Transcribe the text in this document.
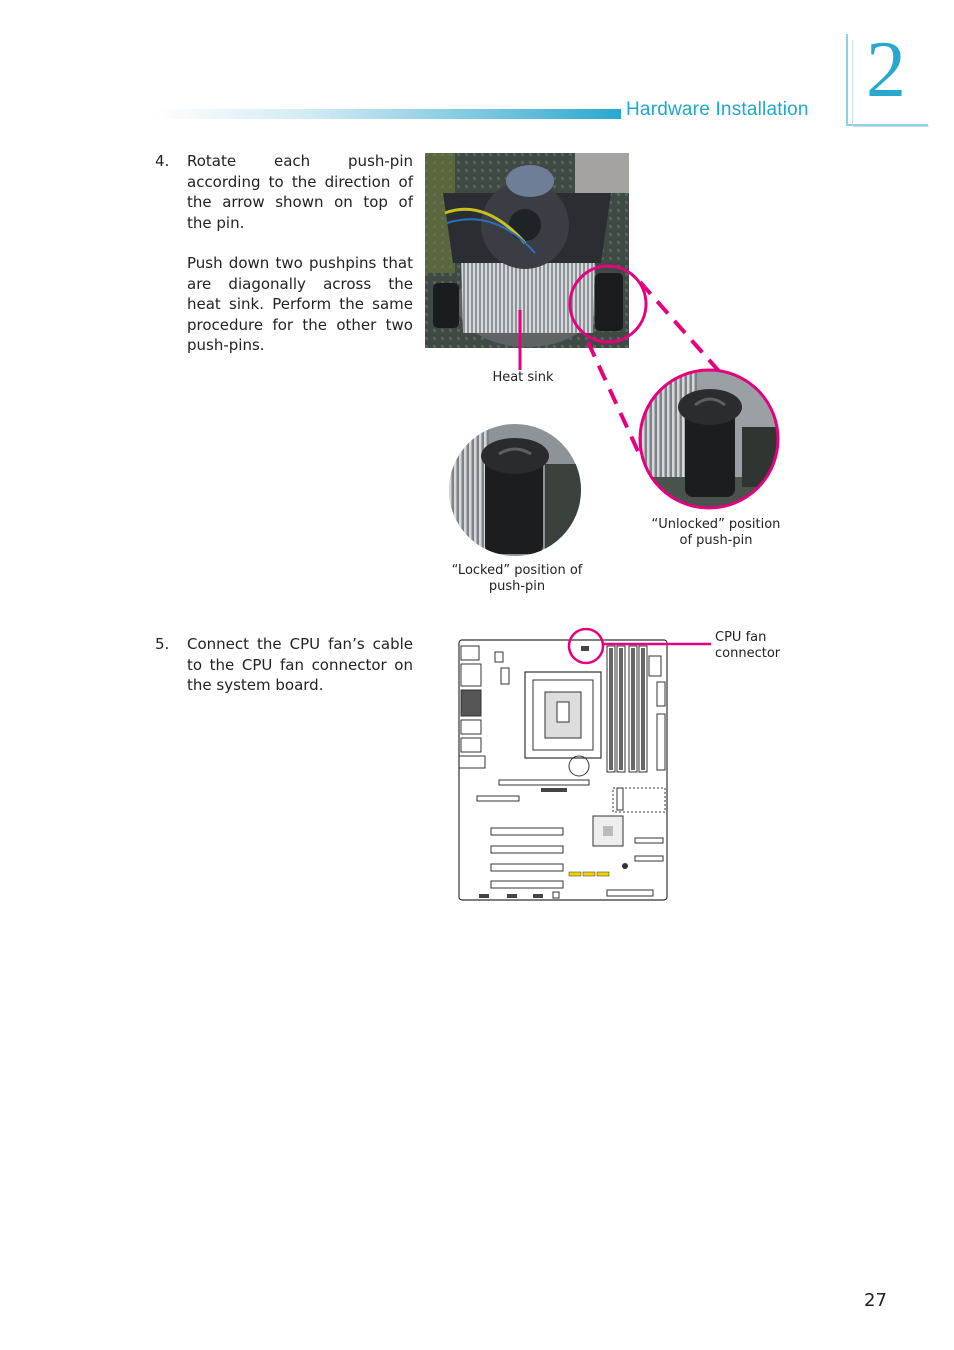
Hardware Installation 2
4. Rotate each push-pin according to the direction of the arrow shown on top of the pin.

Push down two pushpins that are diagonally across the heat sink. Perform the same procedure for the other two push-pins.

5. Connect the CPU fan’s cable to the CPU fan connector on the system board.

Heat sink
“Unlocked” position
of push-pin
“Locked” position of
push-pin
CPU fan
connector
27
